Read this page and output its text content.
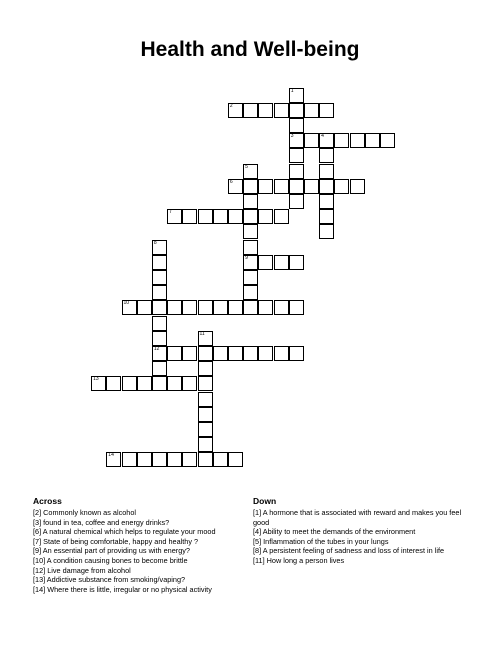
Health and Well-being
1
3
2
4
5
9
6
7
8
12
10
11
13
14
Across
[2] Commonly known as alcohol
[3] found in tea, coffee and energy drinks?
[6] A natural chemical which helps to regulate your mood
[7] State of being comfortable, happy and healthy ?
[9] An essential part of providing us with energy?
[10] A condition causing bones to become brittle
[12] Live damage from alcohol
[13] Addictive substance from smoking/vaping?
[14] Where there is little, irregular or no physical activity
Down
[1] A hormone that is associated with reward and makes you feel good
[4] Ability to meet the demands of the environment
[5] Inflammation of the tubes in your lungs
[8] A persistent feeling of sadness and loss of interest in life
[11] How long a person lives
